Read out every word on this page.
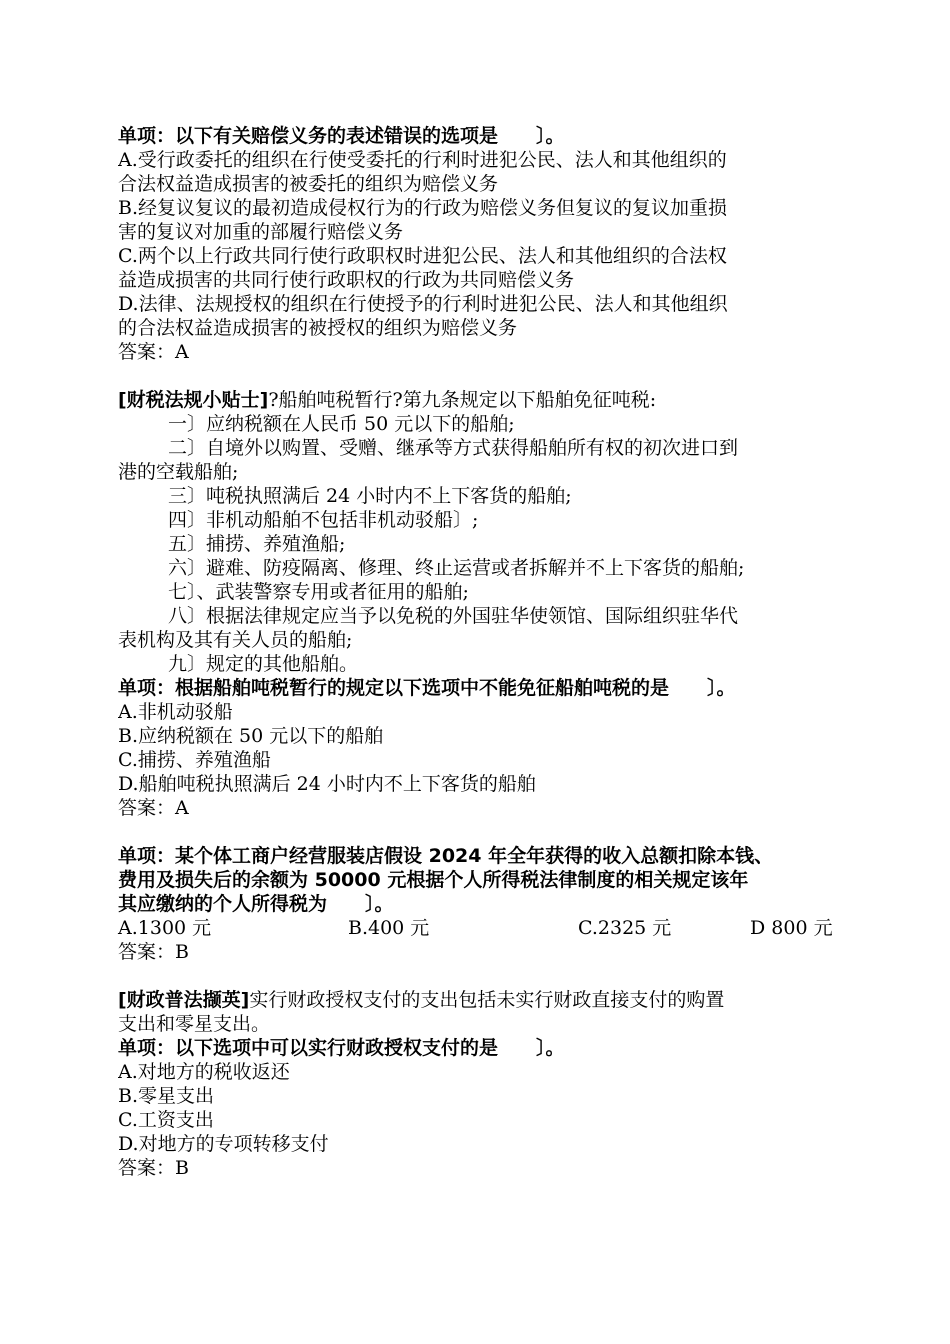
单项：以下有关赔偿义务的表述错误的选项是　　〕。
A.受行政委托的组织在行使受委托的行利时进犯公民、法人和其他组织的
合法权益造成损害的被委托的组织为赔偿义务
B.经复议复议的最初造成侵权行为的行政为赔偿义务但复议的复议加重损
害的复议对加重的部履行赔偿义务
C.两个以上行政共同行使行政职权时进犯公民、法人和其他组织的合法权
益造成损害的共同行使行政职权的行政为共同赔偿义务
D.法律、法规授权的组织在行使授予的行利时进犯公民、法人和其他组织
的合法权益造成损害的被授权的组织为赔偿义务
答案：A
[财税法规小贴士]?船舶吨税暂行?第九条规定以下船舶免征吨税:
一〕应纳税额在人民币 50 元以下的船舶;
二〕自境外以购置、受赠、继承等方式获得船舶所有权的初次进口到
港的空载船舶;
三〕吨税执照满后 24 小时内不上下客货的船舶;
四〕非机动船舶不包括非机动驳船〕;
五〕捕捞、养殖渔船;
六〕避难、防疫隔离、修理、终止运营或者拆解并不上下客货的船舶;
七〕、武装警察专用或者征用的船舶;
八〕根据法律规定应当予以免税的外国驻华使领馆、国际组织驻华代
表机构及其有关人员的船舶;
九〕规定的其他船舶。
单项：根据船舶吨税暂行的规定以下选项中不能免征船舶吨税的是　　〕。
A.非机动驳船
B.应纳税额在 50 元以下的船舶
C.捕捞、养殖渔船
D.船舶吨税执照满后 24 小时内不上下客货的船舶
答案：A
单项：某个体工商户经营服装店假设 2024 年全年获得的收入总额扣除本钱、
费用及损失后的余额为 50000 元根据个人所得税法律制度的相关规定该年
其应缴纳的个人所得税为　　〕。
A.1300 元	B.400 元	C.2325 元	D 800 元
答案：B
[财政普法撷英]实行财政授权支付的支出包括未实行财政直接支付的购置
支出和零星支出。
单项：以下选项中可以实行财政授权支付的是　　〕。
A.对地方的税收返还
B.零星支出
C.工资支出
D.对地方的专项转移支付
答案：B
